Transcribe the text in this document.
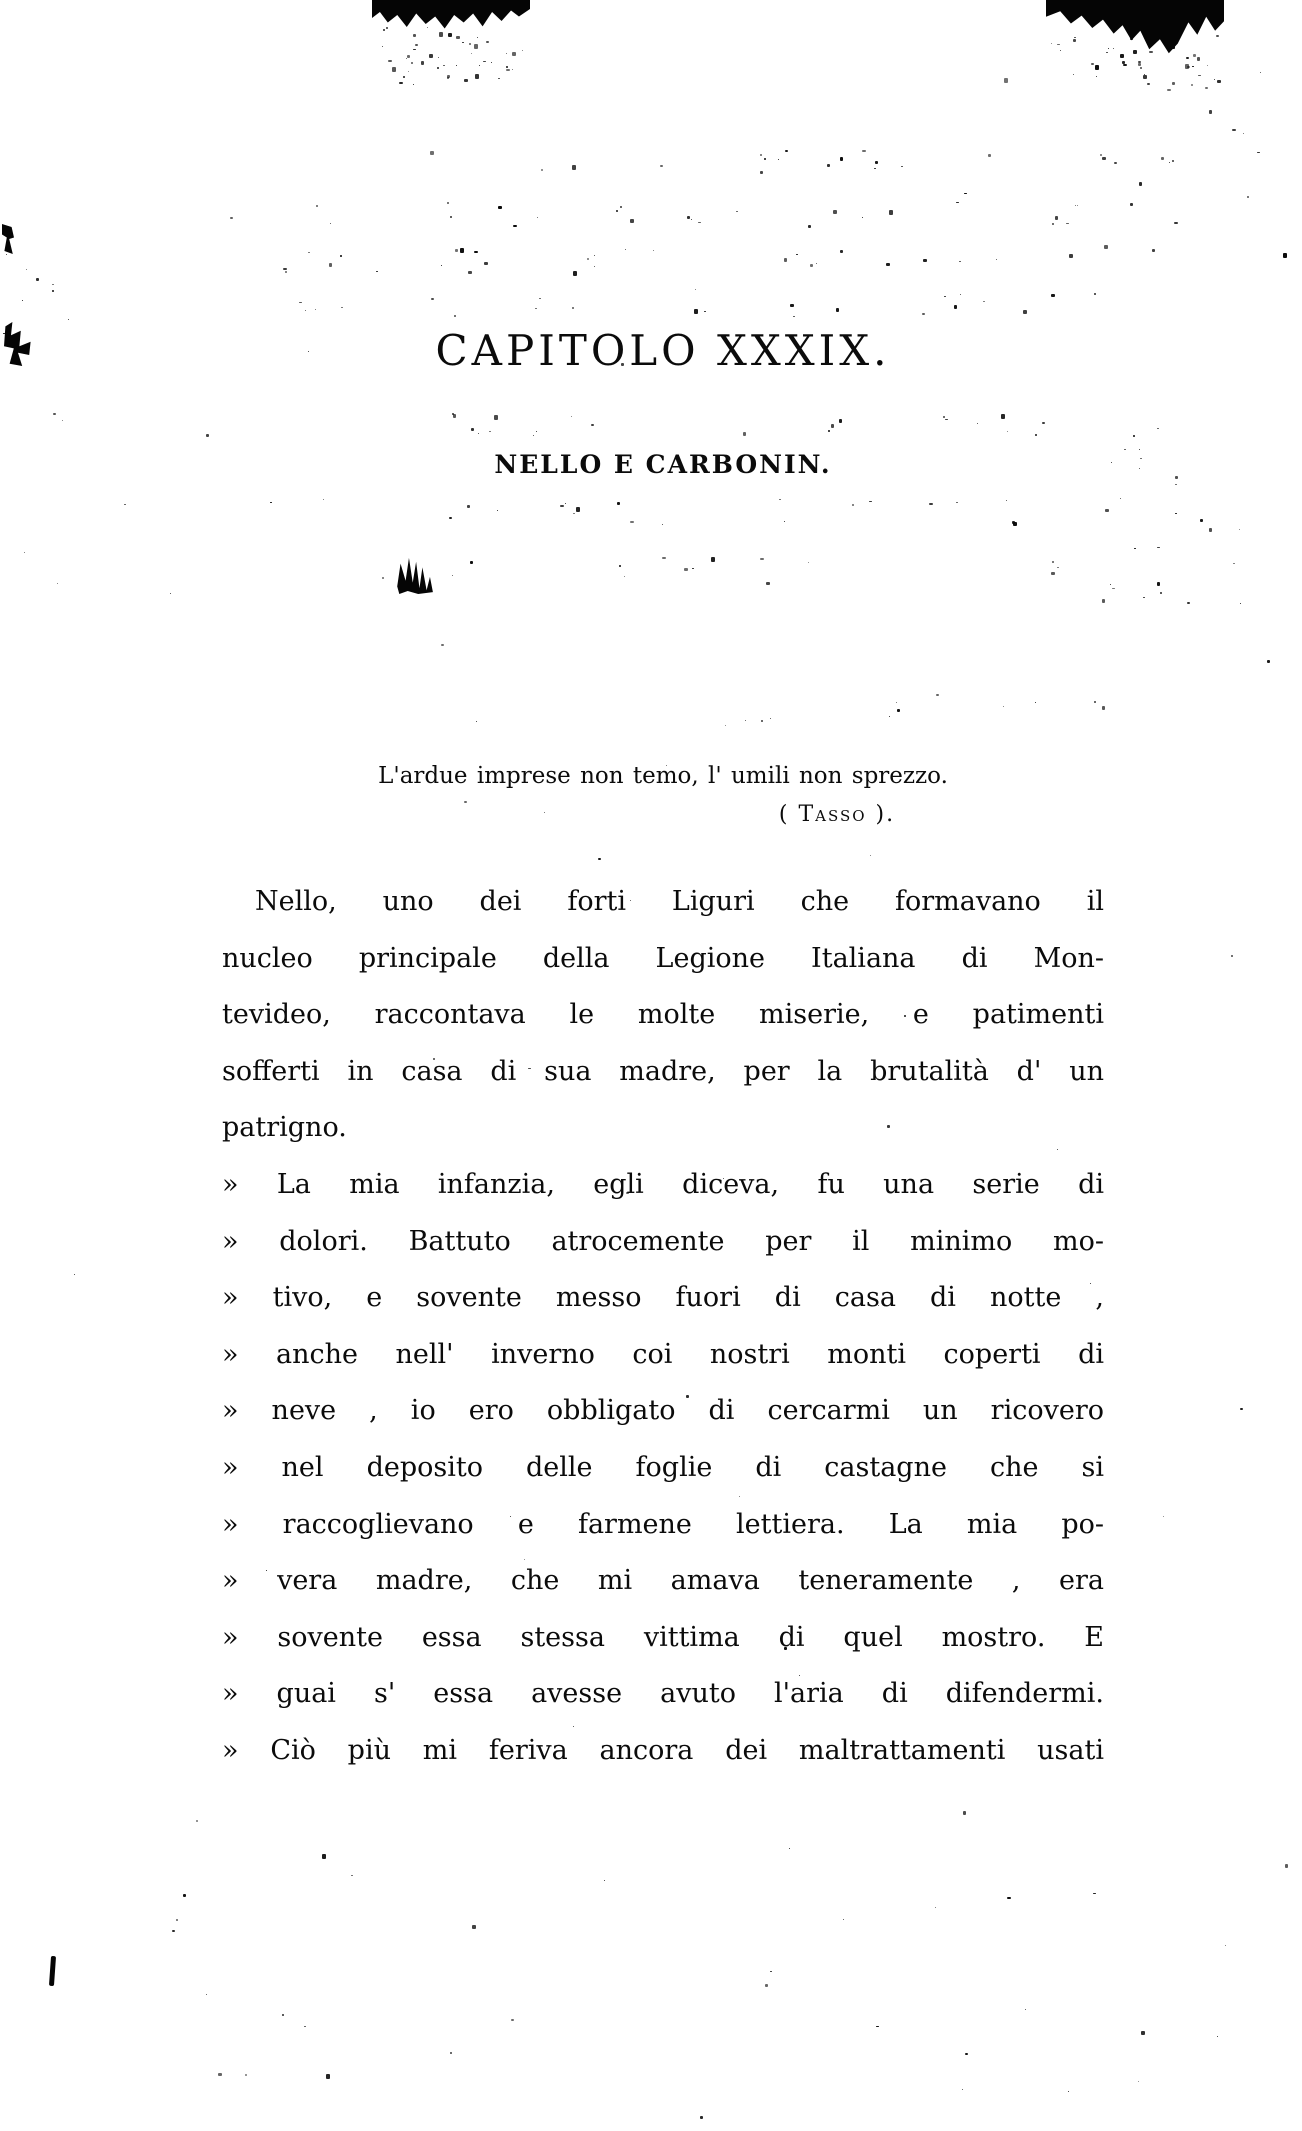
CAPITOLO XXXIX.
NELLO E CARBONIN.
L'ardue imprese non temo, l' umili non sprezzo.
( Tasso ).
Nello, uno dei forti Liguri che formavano il
nucleo principale della Legione Italiana di Mon-
tevideo, raccontava le molte miserie, e patimenti
sofferti in casa di sua madre, per la brutalità d' un
patrigno.
» La mia infanzia, egli diceva, fu una serie di
» dolori. Battuto atrocemente per il minimo mo-
» tivo, e sovente messo fuori di casa di notte ,
» anche nell' inverno coi nostri monti coperti di
» neve , io ero obbligato di cercarmi un ricovero
» nel deposito delle foglie di castagne che si
» raccoglievano e farmene lettiera. La mia po-
» vera madre, che mi amava teneramente , era
» sovente essa stessa vittima di quel mostro. E
» guai s' essa avesse avuto l'aria di difendermi.
» Ciò più mi feriva ancora dei maltrattamenti usati
